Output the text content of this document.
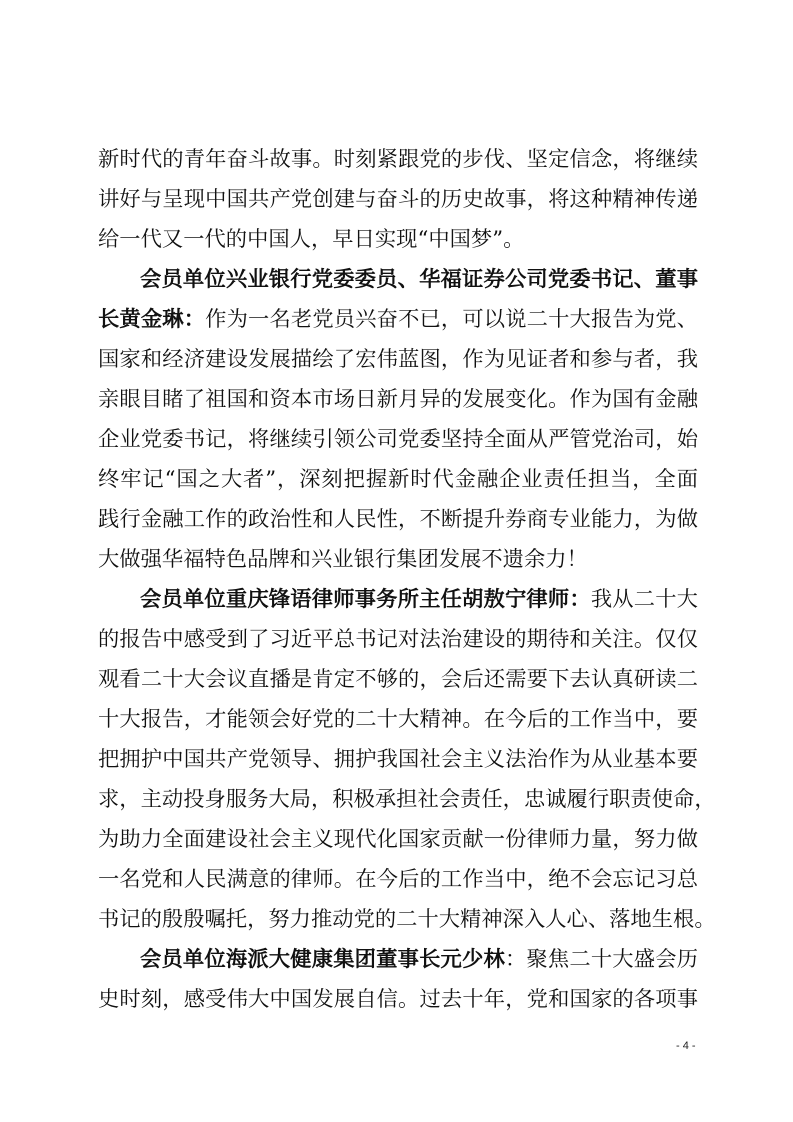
新时代的青年奋斗故事。时刻紧跟党的步伐、坚定信念，将继续
讲好与呈现中国共产党创建与奋斗的历史故事，将这种精神传递
给一代又一代的中国人，早日实现“中国梦”。
会员单位兴业银行党委委员、华福证券公司党委书记、董事
长黄金琳：作为一名老党员兴奋不已，可以说二十大报告为党、
国家和经济建设发展描绘了宏伟蓝图，作为见证者和参与者，我
亲眼目睹了祖国和资本市场日新月异的发展变化。作为国有金融
企业党委书记，将继续引领公司党委坚持全面从严管党治司，始
终牢记“国之大者”，深刻把握新时代金融企业责任担当，全面
践行金融工作的政治性和人民性，不断提升券商专业能力，为做
大做强华福特色品牌和兴业银行集团发展不遗余力！
会员单位重庆锋语律师事务所主任胡敖宁律师：我从二十大
的报告中感受到了习近平总书记对法治建设的期待和关注。仅仅
观看二十大会议直播是肯定不够的，会后还需要下去认真研读二
十大报告，才能领会好党的二十大精神。在今后的工作当中，要
把拥护中国共产党领导、拥护我国社会主义法治作为从业基本要
求，主动投身服务大局，积极承担社会责任，忠诚履行职责使命，
为助力全面建设社会主义现代化国家贡献一份律师力量，努力做
一名党和人民满意的律师。在今后的工作当中，绝不会忘记习总
书记的殷殷嘱托，努力推动党的二十大精神深入人心、落地生根。
会员单位海派大健康集团董事长元少林：聚焦二十大盛会历
史时刻，感受伟大中国发展自信。过去十年，党和国家的各项事
- 4 -
